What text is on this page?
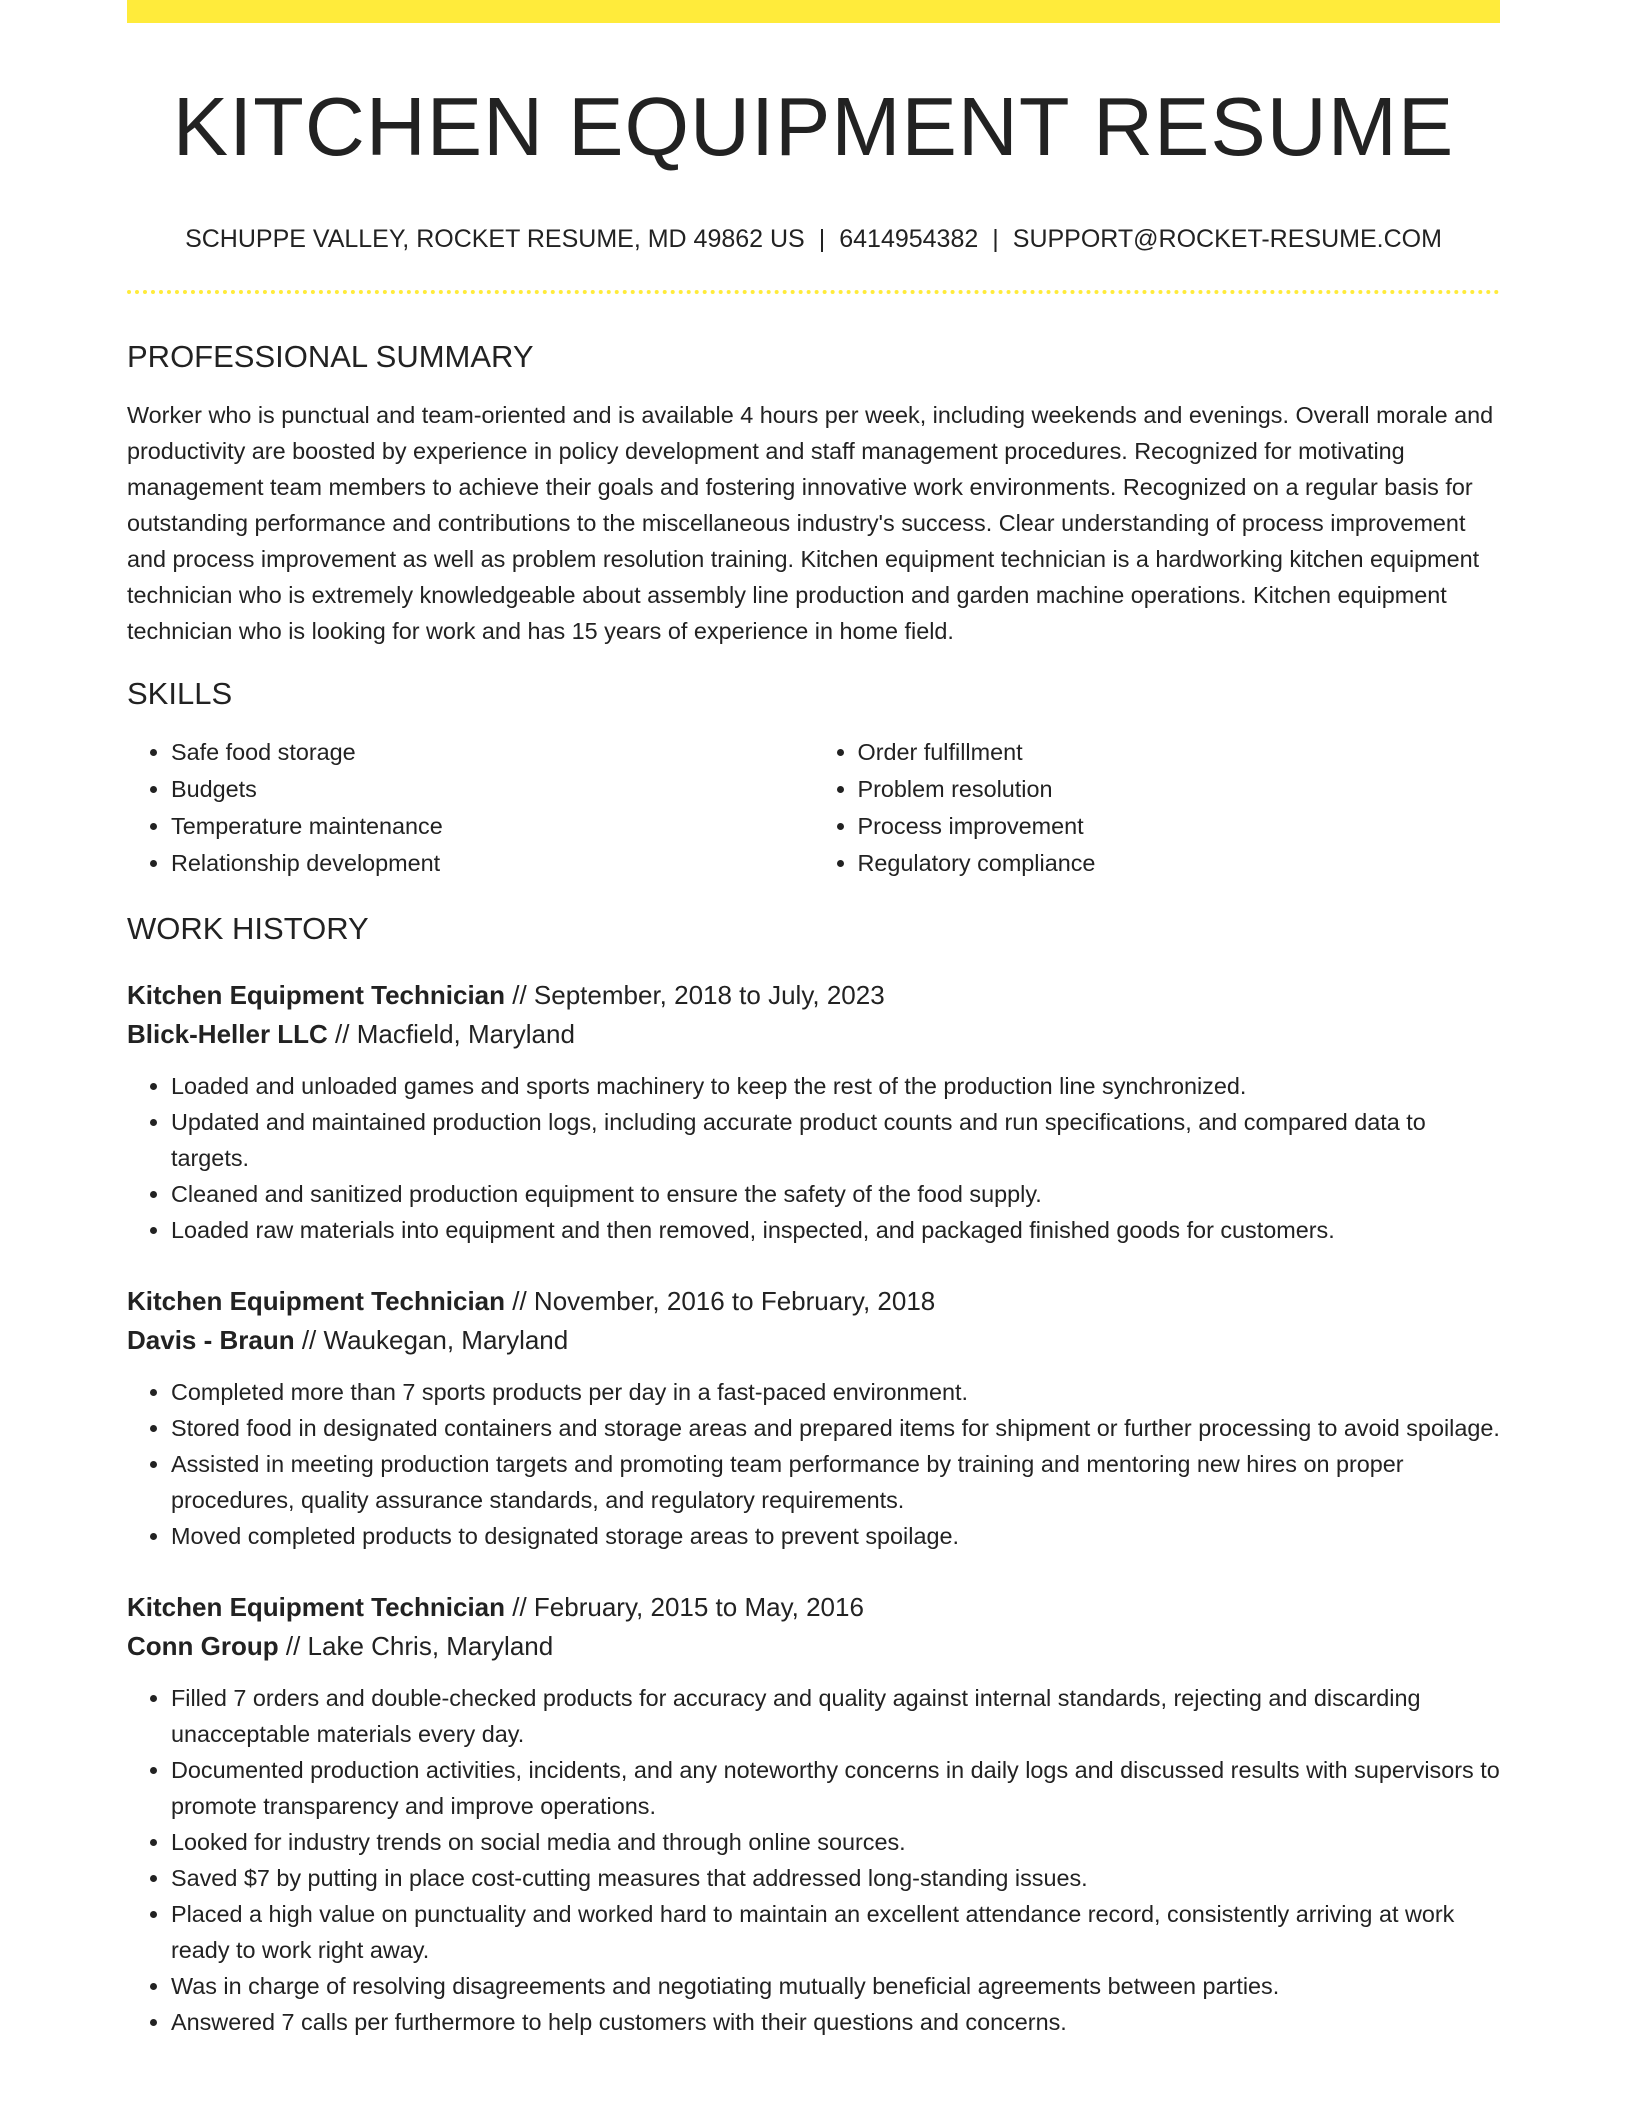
KITCHEN EQUIPMENT RESUME
SCHUPPE VALLEY, ROCKET RESUME, MD 49862 US | 6414954382 | SUPPORT@ROCKET-RESUME.COM
PROFESSIONAL SUMMARY

Worker who is punctual and team-oriented and is available 4 hours per week, including weekends and evenings. Overall morale and productivity are boosted by experience in policy development and staff management procedures. Recognized for motivating management team members to achieve their goals and fostering innovative work environments. Recognized on a regular basis for outstanding performance and contributions to the miscellaneous industry's success. Clear understanding of process improvement and process improvement as well as problem resolution training. Kitchen equipment technician is a hardworking kitchen equipment technician who is extremely knowledgeable about assembly line production and garden machine operations. Kitchen equipment technician who is looking for work and has 15 years of experience in home field.

SKILLS
• Safe food storage
• Budgets
• Temperature maintenance
• Relationship development
• Order fulfillment
• Problem resolution
• Process improvement
• Regulatory compliance
WORK HISTORY
Kitchen Equipment Technician // September, 2018 to July, 2023
Blick-Heller LLC // Macfield, Maryland
• Loaded and unloaded games and sports machinery to keep the rest of the production line synchronized.
• Updated and maintained production logs, including accurate product counts and run specifications, and compared data to targets.
• Cleaned and sanitized production equipment to ensure the safety of the food supply.
• Loaded raw materials into equipment and then removed, inspected, and packaged finished goods for customers.
Kitchen Equipment Technician // November, 2016 to February, 2018
Davis - Braun // Waukegan, Maryland
• Completed more than 7 sports products per day in a fast-paced environment.
• Stored food in designated containers and storage areas and prepared items for shipment or further processing to avoid spoilage.
• Assisted in meeting production targets and promoting team performance by training and mentoring new hires on proper procedures, quality assurance standards, and regulatory requirements.
• Moved completed products to designated storage areas to prevent spoilage.
Kitchen Equipment Technician // February, 2015 to May, 2016
Conn Group // Lake Chris, Maryland
• Filled 7 orders and double-checked products for accuracy and quality against internal standards, rejecting and discarding unacceptable materials every day.
• Documented production activities, incidents, and any noteworthy concerns in daily logs and discussed results with supervisors to promote transparency and improve operations.
• Looked for industry trends on social media and through online sources.
• Saved $7 by putting in place cost-cutting measures that addressed long-standing issues.
• Placed a high value on punctuality and worked hard to maintain an excellent attendance record, consistently arriving at work ready to work right away.
• Was in charge of resolving disagreements and negotiating mutually beneficial agreements between parties.
• Answered 7 calls per furthermore to help customers with their questions and concerns.
